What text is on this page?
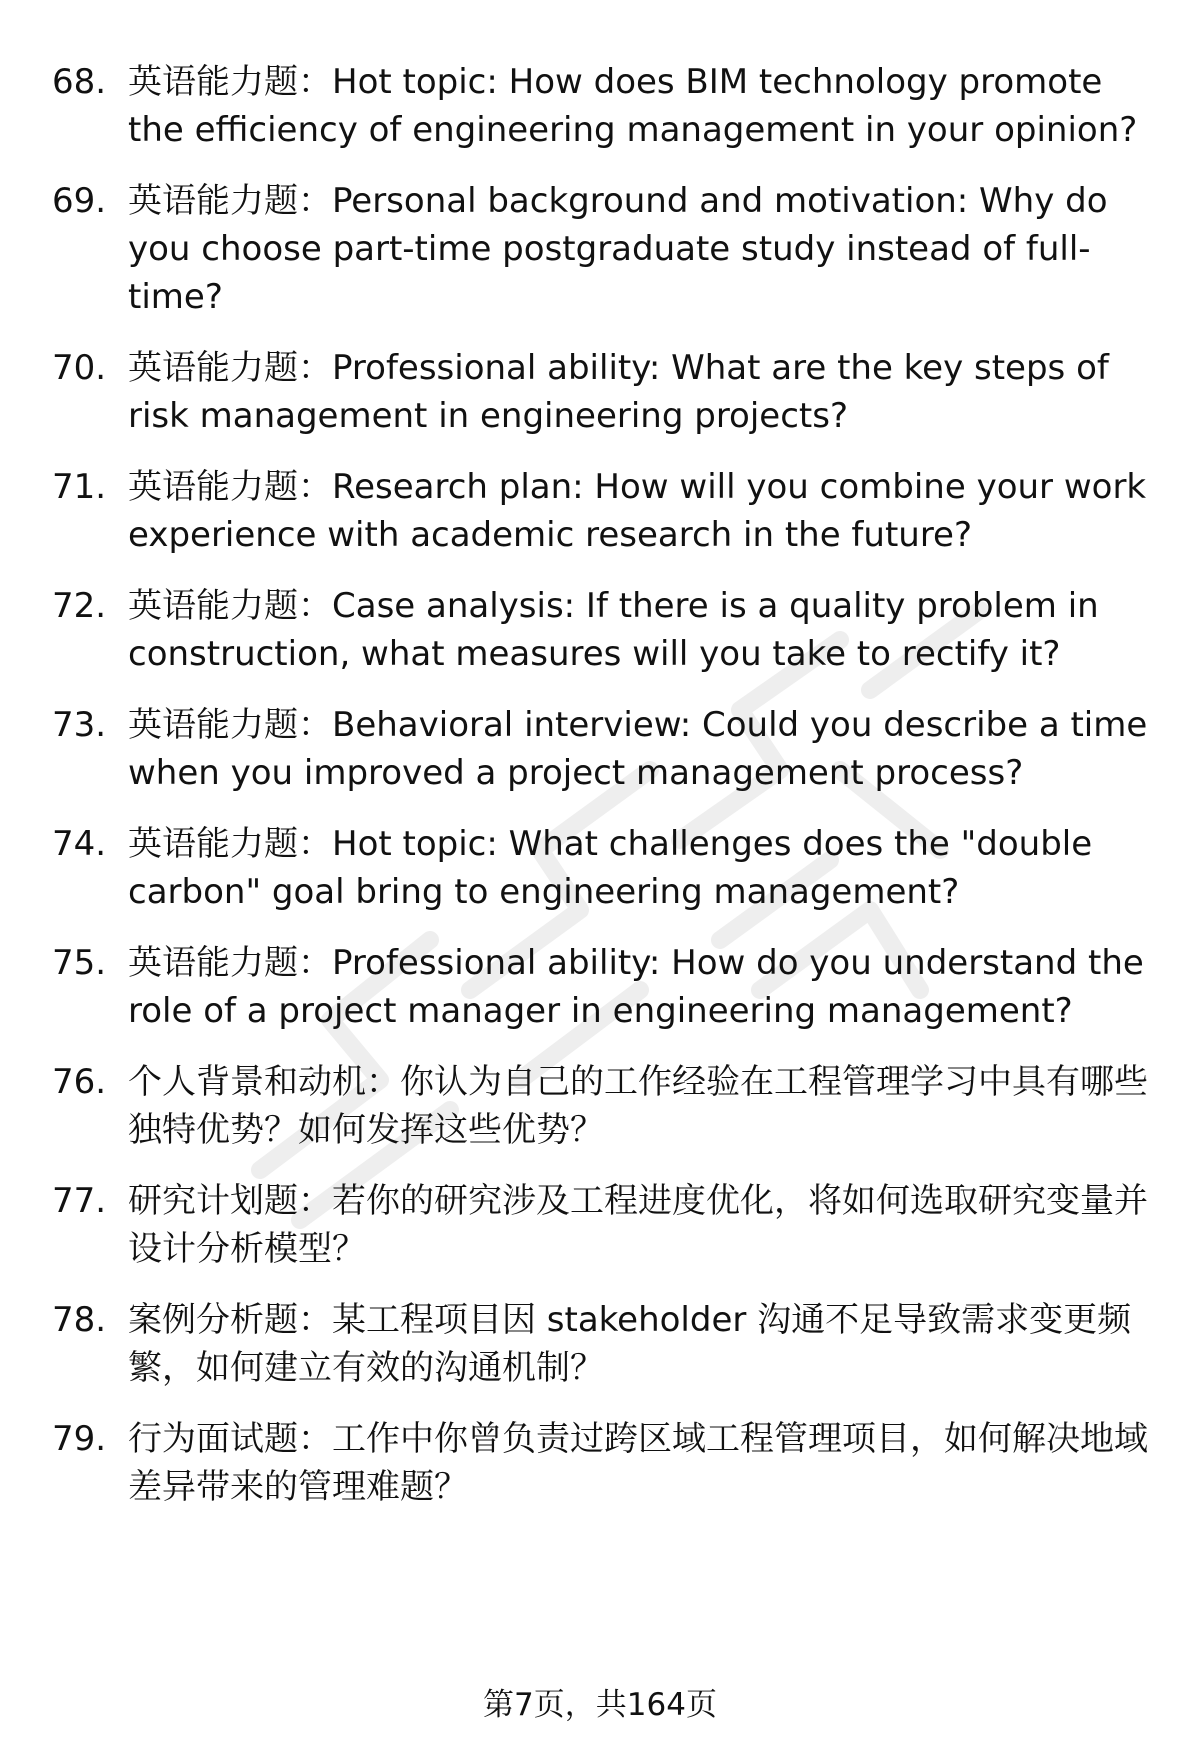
68. 英语能力题：Hot topic: How does BIM technology promote the efficiency of engineering management in your opinion?
69. 英语能力题：Personal background and motivation: Why do you choose part-time postgraduate study instead of full-time?
70. 英语能力题：Professional ability: What are the key steps of risk management in engineering projects?
71. 英语能力题：Research plan: How will you combine your work experience with academic research in the future?
72. 英语能力题：Case analysis: If there is a quality problem in construction, what measures will you take to rectify it?
73. 英语能力题：Behavioral interview: Could you describe a time when you improved a project management process?
74. 英语能力题：Hot topic: What challenges does the "double carbon" goal bring to engineering management?
75. 英语能力题：Professional ability: How do you understand the role of a project manager in engineering management?
76. 个人背景和动机：你认为自己的工作经验在工程管理学习中具有哪些独特优势？如何发挥这些优势？
77. 研究计划题：若你的研究涉及工程进度优化，将如何选取研究变量并设计分析模型？
78. 案例分析题：某工程项目因 stakeholder 沟通不足导致需求变更频繁，如何建立有效的沟通机制？
79. 行为面试题：工作中你曾负责过跨区域工程管理项目，如何解决地域差异带来的管理难题？
第7页，共164页
